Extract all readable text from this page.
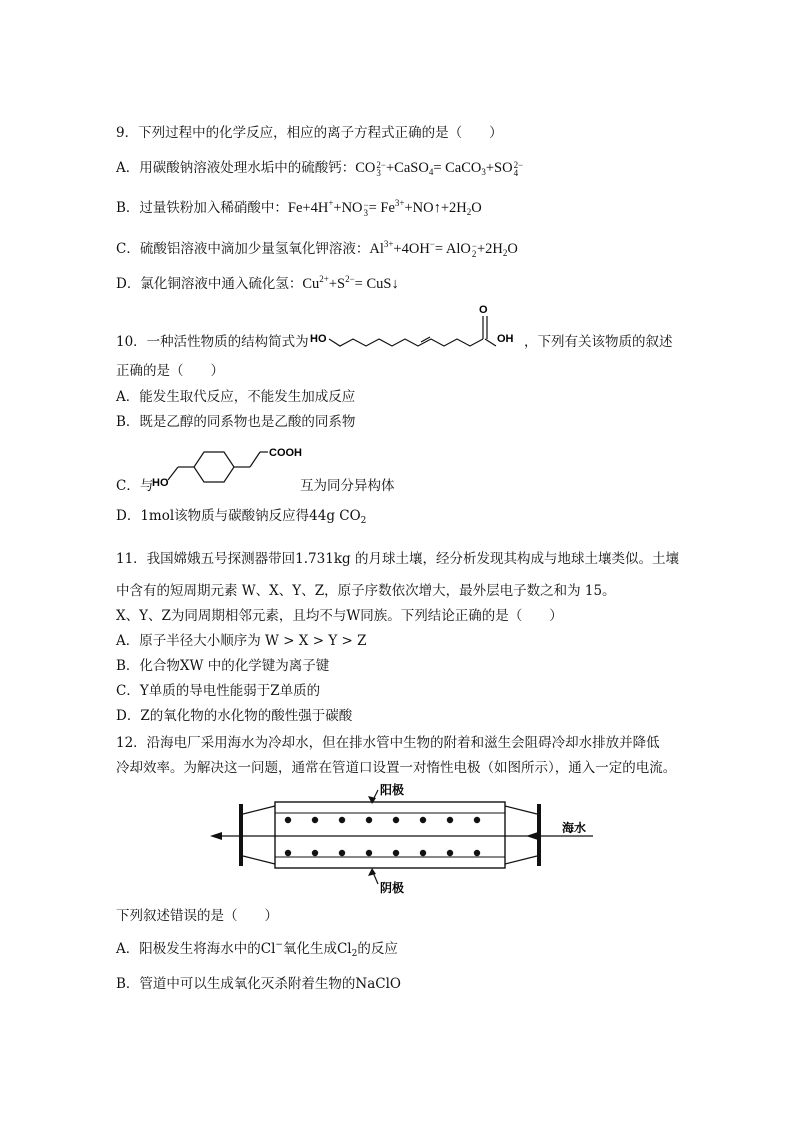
9．下列过程中的化学反应，相应的离子方程式正确的是（　　）
A．用碳酸钠溶液处理水垢中的硫酸钙：CO 2−
3 +CaSO$_4$= CaCO$_3$+SO 2−
4
B．过量铁粉加入稀硝酸中：Fe+4H++NO −
$3 = Fe^{3+}+NO↑+2H_2O$
C．硫酸铝溶液中滴加少量氢氧化钾溶液：$Al^{3+}+4OH^-=$ AlO −
$2 +2H_2O$
D．氯化铜溶液中通入硫化氢：$Cu^{2+}+S^{2-}=$ CuS↓
10．一种活性物质的结构简式为 HO
O
OH ，下列有关该物质的叙述
正确的是（　　）
A．能发生取代反应，不能发生加成反应
B．既是乙醇的同系物也是乙酸的同系物
C．与
HO
COOH
互为同分异构体
D．1mol该物质与碳酸钠反应得44g $CO_2$
11．我国嫦娥五号探测器带回1.731kg 的月球土壤，经分析发现其构成与地球土壤类似。土壤
中含有的短周期元素 W、X、Y、Z，原子序数依次增大，最外层电子数之和为 15。
X、Y、Z为同周期相邻元素，且均不与W同族。下列结论正确的是（　　）
A．原子半径大小顺序为 W > X > Y > Z
B．化合物XW 中的化学键为离子键
C．Y单质的导电性能弱于Z单质的
D．Z的氧化物的水化物的酸性强于碳酸
12．沿海电厂采用海水为冷却水，但在排水管中生物的附着和滋生会阻碍冷却水排放并降低
冷却效率。为解决这一问题，通常在管道口设置一对惰性电极（如图所示），通入一定的电流。
阳极
阴极
海水
下列叙述错误的是（　　）
A．阳极发生将海水中的Cl−氧化生成$Cl_2$的反应
B．管道中可以生成氧化灭杀附着生物的NaClO
